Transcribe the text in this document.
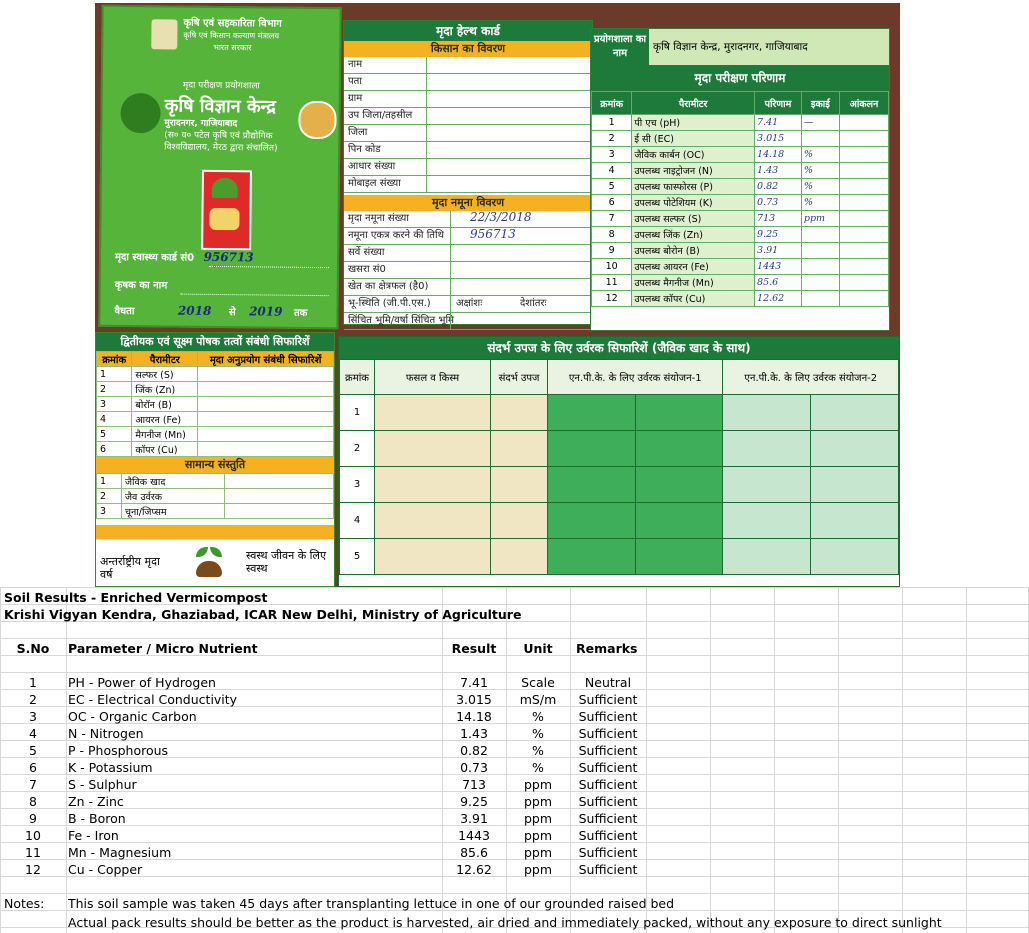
कृषि एवं सहकारिता विभाग
कृषि एवं किसान कल्याण मंत्रालय
भारत सरकार
मृदा परीक्षण प्रयोगशाला
कृषि विज्ञान केन्द्र
मुरादनगर, गाजियाबाद
(स० व० पटेल कृषि एवं प्रौद्योगिक
विश्वविद्यालय, मेरठ द्वारा संचालित)
मृदा स्वास्थ्य कार्ड सं0 956713
कृषक का नाम
वैधता	2018 से 2019 तक
मृदा हेल्थ कार्ड
किसान का विवरण
नाम
पता
ग्राम
उप जिला/तहसील
जिला
पिन कोड
आधार संख्या
मोबाइल संख्या
मृदा नमूना विवरण
मृदा नमूना संख्या	22/3/2018
नमूना एकत्र करने की तिथि 956713
सर्वे संख्या
खसरा सं0
खेत का क्षेत्रफल (है0)
भू-स्थिति (जी.पी.एस.)	अक्षांशः	देशांतरः
सिंचित भूमि/वर्षा सिंचित भूमि
प्रयोगशाला का नाम
कृषि विज्ञान केन्द्र, मुरादनगर, गाजियाबाद
मृदा परीक्षण परिणाम
क्रमांक	पैरामीटर	परिणाम	इकाई	आंकलन
1	पी एच (pH)	7.41	—	
2	ई सी (EC)	3.015		
3	जैविक कार्बन (OC)	14.18	%	
4	उपलब्ध नाइट्रोजन (N)	1.43	%	
5	उपलब्ध फास्फोरस (P)	0.82	%	
6	उपलब्ध पोटेशियम (K)	0.73	%	
7	उपलब्ध सल्फर (S)	713	ppm	
8	उपलब्ध जिंक (Zn)	9.25		
9	उपलब्ध बोरोन (B)	3.91		
10	उपलब्ध आयरन (Fe)	1443		
11	उपलब्ध मैगनीज (Mn)	85.6		
12	उपलब्ध कॉपर (Cu)	12.62		
द्वितीयक एवं सूक्ष्म पोषक तत्वों संबंधी सिफारिशें
क्रमांक	पैरामीटर	मृदा अनुप्रयोग संबंधी सिफारिशें
1	सल्फर (S)	
2	जिंक (Zn)	
3	बोरॉन (B)	
4	आयरन (Fe)	
5	मैगनीज (Mn)	
6	कॉपर (Cu)	
सामान्य संस्तुति
1	जैविक खाद	
2	जैव उर्वरक	
3	चूना/जिप्सम	
अन्तर्राष्ट्रीय मृदा वर्ष
स्वस्थ जीवन के लिए स्वस्थ
संदर्भ उपज के लिए उर्वरक सिफारिशें (जैविक खाद के साथ)
क्रमांक	फसल व किस्म	संदर्भ उपज	एन.पी.के. के लिए उर्वरक संयोजन-1		एन.पी.के. के लिए उर्वरक संयोजन-2	
1						
2						
3						
4						
5						
Soil Results - Enriched Vermicompost
Krishi Vigyan Kendra, Ghaziabad, ICAR New Delhi, Ministry of Agriculture
S.No	Parameter / Micro Nutrient	Result	Unit	Remarks
1	PH - Power of Hydrogen	7.41	Scale	Neutral
2	EC - Electrical Conductivity	3.015	mS/m	Sufficient
3	OC - Organic Carbon	14.18	%	Sufficient
4	N - Nitrogen	1.43	%	Sufficient
5	P - Phosphorous	0.82	%	Sufficient
6	K - Potassium	0.73	%	Sufficient
7	S - Sulphur	713	ppm	Sufficient
8	Zn - Zinc	9.25	ppm	Sufficient
9	B - Boron	3.91	ppm	Sufficient
10	Fe - Iron	1443	ppm	Sufficient
11	Mn - Magnesium	85.6	ppm	Sufficient
12	Cu - Copper	12.62	ppm	Sufficient
Notes: This soil sample was taken 45 days after transplanting lettuce in one of our grounded raised bed
Actual pack results should be better as the product is harvested, air dried and immediately packed, without any exposure to direct sunlight
